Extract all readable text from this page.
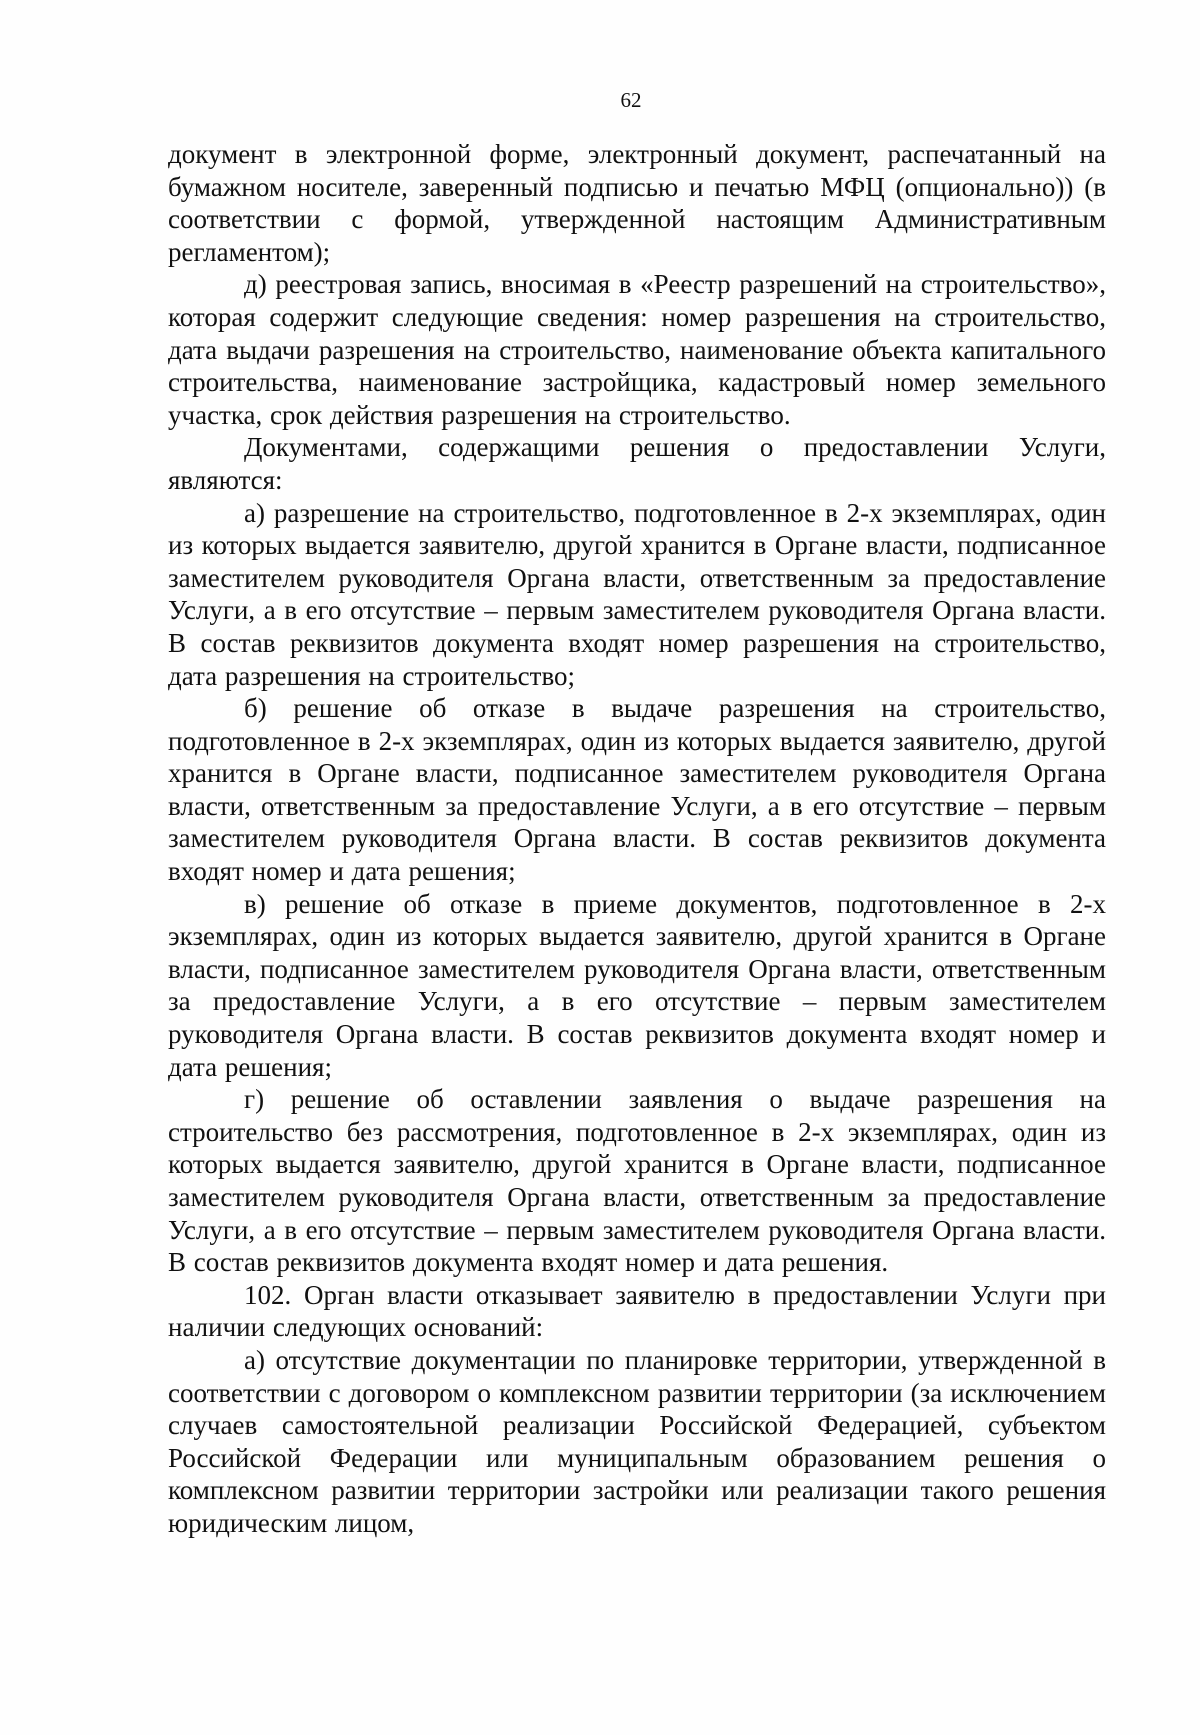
62

документ в электронной форме, электронный документ, распечатанный на бумажном носителе, заверенный подписью и печатью МФЦ (опционально)) (в соответствии с формой, утвержденной настоящим Административным регламентом);

д) реестровая запись, вносимая в «Реестр разрешений на строительство», которая содержит следующие сведения: номер разрешения на строительство, дата выдачи разрешения на строительство, наименование объекта капитального строительства, наименование застройщика, кадастровый номер земельного участка, срок действия разрешения на строительство.

Документами, содержащими решения о предоставлении Услуги, являются:

а) разрешение на строительство, подготовленное в 2-х экземплярах, один из которых выдается заявителю, другой хранится в Органе власти, подписанное заместителем руководителя Органа власти, ответственным за предоставление Услуги, а в его отсутствие – первым заместителем руководителя Органа власти. В состав реквизитов документа входят номер разрешения на строительство, дата разрешения на строительство;

б) решение об отказе в выдаче разрешения на строительство, подготовленное в 2-х экземплярах, один из которых выдается заявителю, другой хранится в Органе власти, подписанное заместителем руководителя Органа власти, ответственным за предоставление Услуги, а в его отсутствие – первым заместителем руководителя Органа власти. В состав реквизитов документа входят номер и дата решения;

в) решение об отказе в приеме документов, подготовленное в 2-х экземплярах, один из которых выдается заявителю, другой хранится в Органе власти, подписанное заместителем руководителя Органа власти, ответственным за предоставление Услуги, а в его отсутствие – первым заместителем руководителя Органа власти. В состав реквизитов документа входят номер и дата решения;

г) решение об оставлении заявления о выдаче разрешения на строительство без рассмотрения, подготовленное в 2-х экземплярах, один из которых выдается заявителю, другой хранится в Органе власти, подписанное заместителем руководителя Органа власти, ответственным за предоставление Услуги, а в его отсутствие – первым заместителем руководителя Органа власти. В состав реквизитов документа входят номер и дата решения.

102. Орган власти отказывает заявителю в предоставлении Услуги при наличии следующих оснований:

а) отсутствие документации по планировке территории, утвержденной в соответствии с договором о комплексном развитии территории (за исключением случаев самостоятельной реализации Российской Федерацией, субъектом Российской Федерации или муниципальным образованием решения о комплексном развитии территории застройки или реализации такого решения юридическим лицом,
